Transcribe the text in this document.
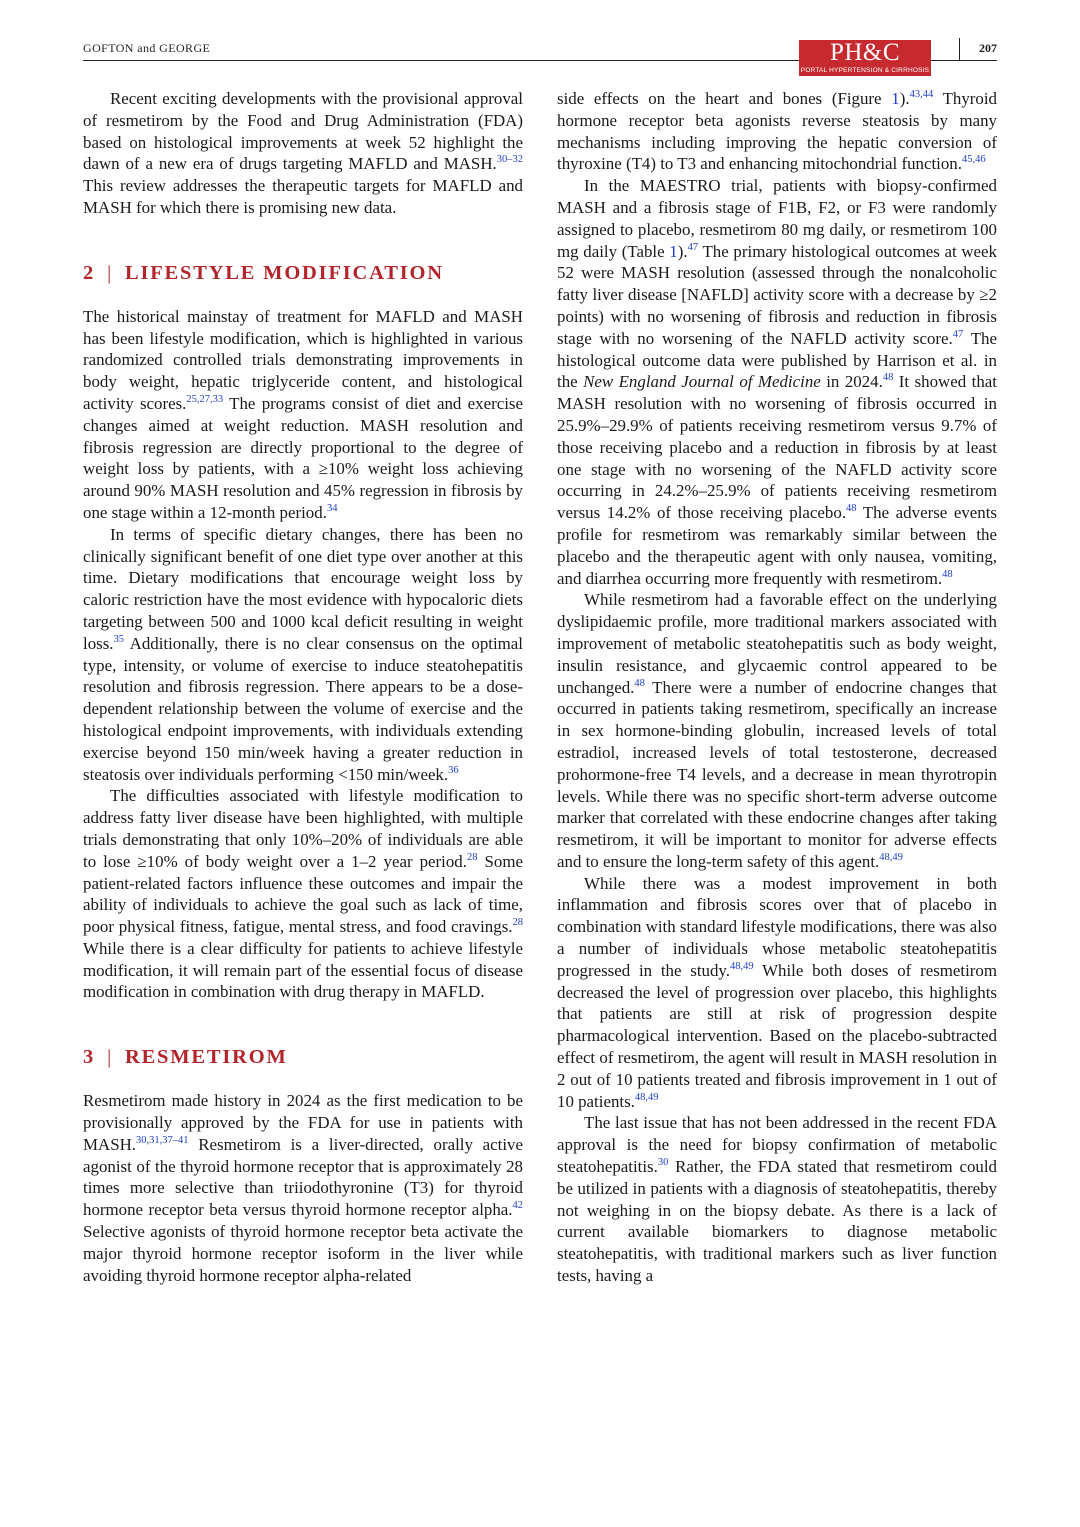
GOFTON and GEORGE	PH&C
PORTAL HYPERTENSION & CIRRHOSIS
207

Recent exciting developments with the provisional approval of resmetirom by the Food and Drug Administration (FDA) based on histological improvements at week 52 highlight the dawn of a new era of drugs targeting MAFLD and MASH.$^{30-32}$ This review addresses the therapeutic targets for MAFLD and MASH for which there is promising new data.

2 | LIFESTYLE MODIFICATION

The historical mainstay of treatment for MAFLD and MASH has been lifestyle modification, which is highlighted in various randomized controlled trials demonstrating improvements in body weight, hepatic triglyceride content, and histological activity scores.$^{25,27,33}$ The programs consist of diet and exercise changes aimed at weight reduction. MASH resolution and fibrosis regression are directly proportional to the degree of weight loss by patients, with a ≥10% weight loss achieving around 90% MASH resolution and 45% regression in fibrosis by one stage within a 12-month period.$^{34}$

In terms of specific dietary changes, there has been no clinically significant benefit of one diet type over another at this time. Dietary modifications that encourage weight loss by caloric restriction have the most evidence with hypocaloric diets targeting between 500 and 1000 kcal deficit resulting in weight loss.$^{35}$ Additionally, there is no clear consensus on the optimal type, intensity, or volume of exercise to induce steatohepatitis resolution and fibrosis regression. There appears to be a dose-dependent relationship between the volume of exercise and the histological endpoint improvements, with individuals extending exercise beyond 150 min/week having a greater reduction in steatosis over individuals performing <150 min/week.$^{36}$

The difficulties associated with lifestyle modification to address fatty liver disease have been highlighted, with multiple trials demonstrating that only 10%–20% of individuals are able to lose ≥10% of body weight over a 1–2 year period.$^{28}$ Some patient-related factors influence these outcomes and impair the ability of individuals to achieve the goal such as lack of time, poor physical fitness, fatigue, mental stress, and food cravings.$^{28}$ While there is a clear difficulty for patients to achieve lifestyle modification, it will remain part of the essential focus of disease modification in combination with drug therapy in MAFLD.

3 | RESMETIROM

Resmetirom made history in 2024 as the first medication to be provisionally approved by the FDA for use in patients with MASH.$^{30,31,37-41}$ Resmetirom is a liver-directed, orally active agonist of the thyroid hormone receptor that is approximately 28 times more selective than triiodothyronine (T3) for thyroid hormone receptor beta versus thyroid hormone receptor alpha.$^{42}$ Selective agonists of thyroid hormone receptor beta activate the major thyroid hormone receptor isoform in the liver while avoiding thyroid hormone receptor alpha-related

side effects on the heart and bones (Figure 1).$^{43,44}$ Thyroid hormone receptor beta agonists reverse steatosis by many mechanisms including improving the hepatic conversion of thyroxine (T4) to T3 and enhancing mitochondrial function.$^{45,46}$

In the MAESTRO trial, patients with biopsy-confirmed MASH and a fibrosis stage of F1B, F2, or F3 were randomly assigned to placebo, resmetirom 80 mg daily, or resmetirom 100 mg daily (Table 1).$^{47}$ The primary histological outcomes at week 52 were MASH resolution (assessed through the nonalcoholic fatty liver disease [NAFLD] activity score with a decrease by ≥2 points) with no worsening of fibrosis and reduction in fibrosis stage with no worsening of the NAFLD activity score.$^{47}$ The histological outcome data were published by Harrison et al. in the New England Journal of Medicine in 2024.48 It showed that MASH resolution with no worsening of fibrosis occurred in 25.9%–29.9% of patients receiving resmetirom versus 9.7% of those receiving placebo and a reduction in fibrosis by at least one stage with no worsening of the NAFLD activity score occurring in 24.2%–25.9% of patients receiving resmetirom versus 14.2% of those receiving placebo.$^{48}$ The adverse events profile for resmetirom was remarkably similar between the placebo and the therapeutic agent with only nausea, vomiting, and diarrhea occurring more frequently with resmetirom.$^{48}$

While resmetirom had a favorable effect on the underlying dyslipidaemic profile, more traditional markers associated with improvement of metabolic steatohepatitis such as body weight, insulin resistance, and glycaemic control appeared to be unchanged.$^{48}$ There were a number of endocrine changes that occurred in patients taking resmetirom, specifically an increase in sex hormone-binding globulin, increased levels of total estradiol, increased levels of total testosterone, decreased prohormone-free T4 levels, and a decrease in mean thyrotropin levels. While there was no specific short-term adverse outcome marker that correlated with these endocrine changes after taking resmetirom, it will be important to monitor for adverse effects and to ensure the long-term safety of this agent.$^{48,49}$

While there was a modest improvement in both inflammation and fibrosis scores over that of placebo in combination with standard lifestyle modifications, there was also a number of individuals whose metabolic steatohepatitis progressed in the study.$^{48,49}$ While both doses of resmetirom decreased the level of progression over placebo, this highlights that patients are still at risk of progression despite pharmacological intervention. Based on the placebo-subtracted effect of resmetirom, the agent will result in MASH resolution in 2 out of 10 patients treated and fibrosis improvement in 1 out of 10 patients.$^{48,49}$

The last issue that has not been addressed in the recent FDA approval is the need for biopsy confirmation of metabolic steatohepatitis.$^{30}$ Rather, the FDA stated that resmetirom could be utilized in patients with a diagnosis of steatohepatitis, thereby not weighing in on the biopsy debate. As there is a lack of current available biomarkers to diagnose metabolic steatohepatitis, with traditional markers such as liver function tests, having a
